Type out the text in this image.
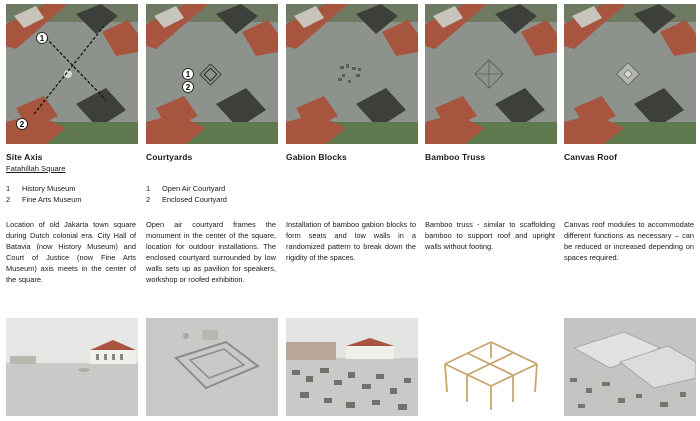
1
2
Site Axis
Fatahillah Square
1 History Museum
2 Fine Arts Museum
Location of old Jakarta town square during Dutch colonial era. City Hall of Batavia (now History Museum) and Court of Justice (now Fine Arts Museum) axis meets in the center of the square.
1
2
Courtyards
1 Open Air Courtyard
2 Enclosed Courtyard
Open air courtyard frames the monument in the center of the square, location for outdoor installations. The enclosed courtyard surrounded by low walls sets up as pavilion for speakers, workshop or roofed exhibition.
Gabion Blocks
Installation of bamboo gabion blocks to form seats and low walls in a randomized pattern to break down the rigidity of the spaces.
Bamboo Truss
Bamboo truss - similar to scaffolding bamboo to support roof and upright walls without footing.
Canvas Roof
Canvas roof modules to accommodate different functions as necessary – can be reduced or increased depending on spaces required.
